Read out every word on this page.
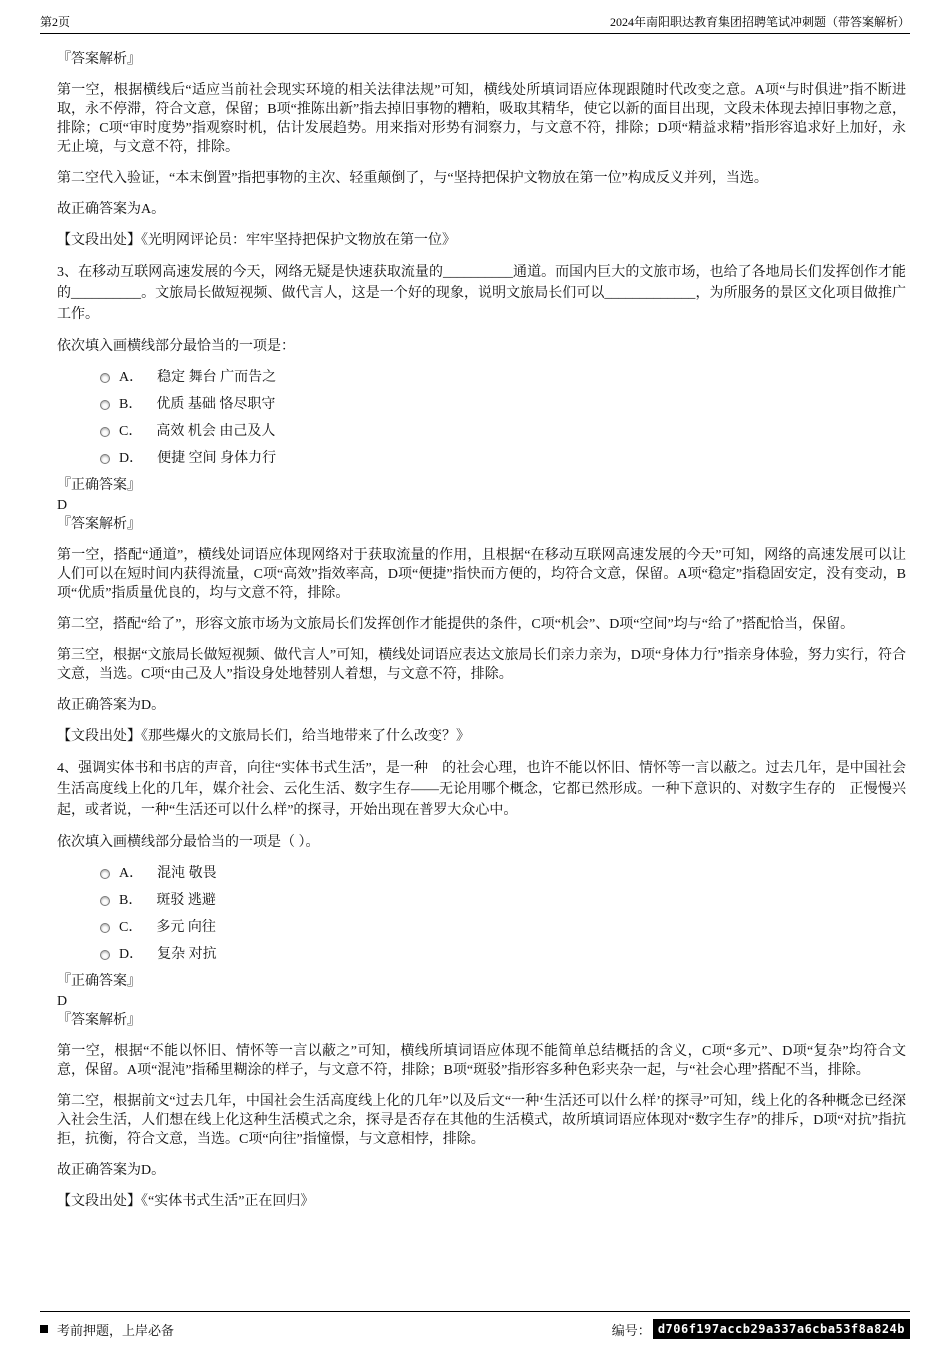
第2页	2024年南阳职达教育集团招聘笔试冲刺题（带答案解析）
『答案解析』
第一空，根据横线后“适应当前社会现实环境的相关法律法规”可知，横线处所填词语应体现跟随时代改变之意。A项“与时俱进”指不断进取，永不停滞，符合文意，保留；B项“推陈出新”指去掉旧事物的糟粕，吸取其精华，使它以新的面目出现，文段未体现去掉旧事物之意，排除；C项“审时度势”指观察时机，估计发展趋势。用来指对形势有洞察力，与文意不符，排除；D项“精益求精”指形容追求好上加好，永无止境，与文意不符，排除。
第二空代入验证，“本末倒置”指把事物的主次、轻重颠倒了，与“坚持把保护文物放在第一位”构成反义并列，当选。
故正确答案为A。
【文段出处】《光明网评论员：牢牢坚持把保护文物放在第一位》
3、在移动互联网高速发展的今天，网络无疑是快速获取流量的__________通道。而国内巨大的文旅市场，也给了各地局长们发挥创作才能的__________。文旅局长做短视频、做代言人，这是一个好的现象，说明文旅局长们可以_____________，为所服务的景区文化项目做推广工作。
依次填入画横线部分最恰当的一项是：
A． 稳定 舞台 广而告之
B． 优质 基础 恪尽职守
C． 高效 机会 由己及人
D． 便捷 空间 身体力行
『正确答案』
D
『答案解析』
第一空，搭配“通道”，横线处词语应体现网络对于获取流量的作用，且根据“在移动互联网高速发展的今天”可知，网络的高速发展可以让人们可以在短时间内获得流量，C项“高效”指效率高，D项“便捷”指快而方便的，均符合文意，保留。A项“稳定”指稳固安定，没有变动，B项“优质”指质量优良的，均与文意不符，排除。
第二空，搭配“给了”，形容文旅市场为文旅局长们发挥创作才能提供的条件，C项“机会”、D项“空间”均与“给了”搭配恰当，保留。
第三空，根据“文旅局长做短视频、做代言人”可知，横线处词语应表达文旅局长们亲力亲为，D项“身体力行”指亲身体验，努力实行，符合文意，当选。C项“由己及人”指设身处地替别人着想，与文意不符，排除。
故正确答案为D。
【文段出处】《那些爆火的文旅局长们，给当地带来了什么改变？》
4、强调实体书和书店的声音，向往“实体书式生活”，是一种　的社会心理，也许不能以怀旧、情怀等一言以蔽之。过去几年，是中国社会生活高度线上化的几年，媒介社会、云化生活、数字生存——无论用哪个概念，它都已然形成。一种下意识的、对数字生存的　正慢慢兴起，或者说，一种“生活还可以什么样”的探寻，开始出现在普罗大众心中。
依次填入画横线部分最恰当的一项是（ ）。
A． 混沌 敬畏
B． 斑驳 逃避
C． 多元 向往
D． 复杂 对抗
『正确答案』
D
『答案解析』
第一空，根据“不能以怀旧、情怀等一言以蔽之”可知，横线所填词语应体现不能简单总结概括的含义，C项“多元”、D项“复杂”均符合文意，保留。A项“混沌”指稀里糊涂的样子，与文意不符，排除；B项“斑驳”指形容多种色彩夹杂一起，与“社会心理”搭配不当，排除。
第二空，根据前文“过去几年，中国社会生活高度线上化的几年”以及后文“一种‘生活还可以什么样’的探寻”可知，线上化的各种概念已经深入社会生活，人们想在线上化这种生活模式之余，探寻是否存在其他的生活模式，故所填词语应体现对“数字生存”的排斥，D项“对抗”指抗拒，抗衡，符合文意，当选。C项“向往”指憧憬，与文意相悖，排除。
故正确答案为D。
【文段出处】《“实体书式生活”正在回归》
考前押题，上岸必备	编号： d706f197accb29a337a6cba53f8a824b
